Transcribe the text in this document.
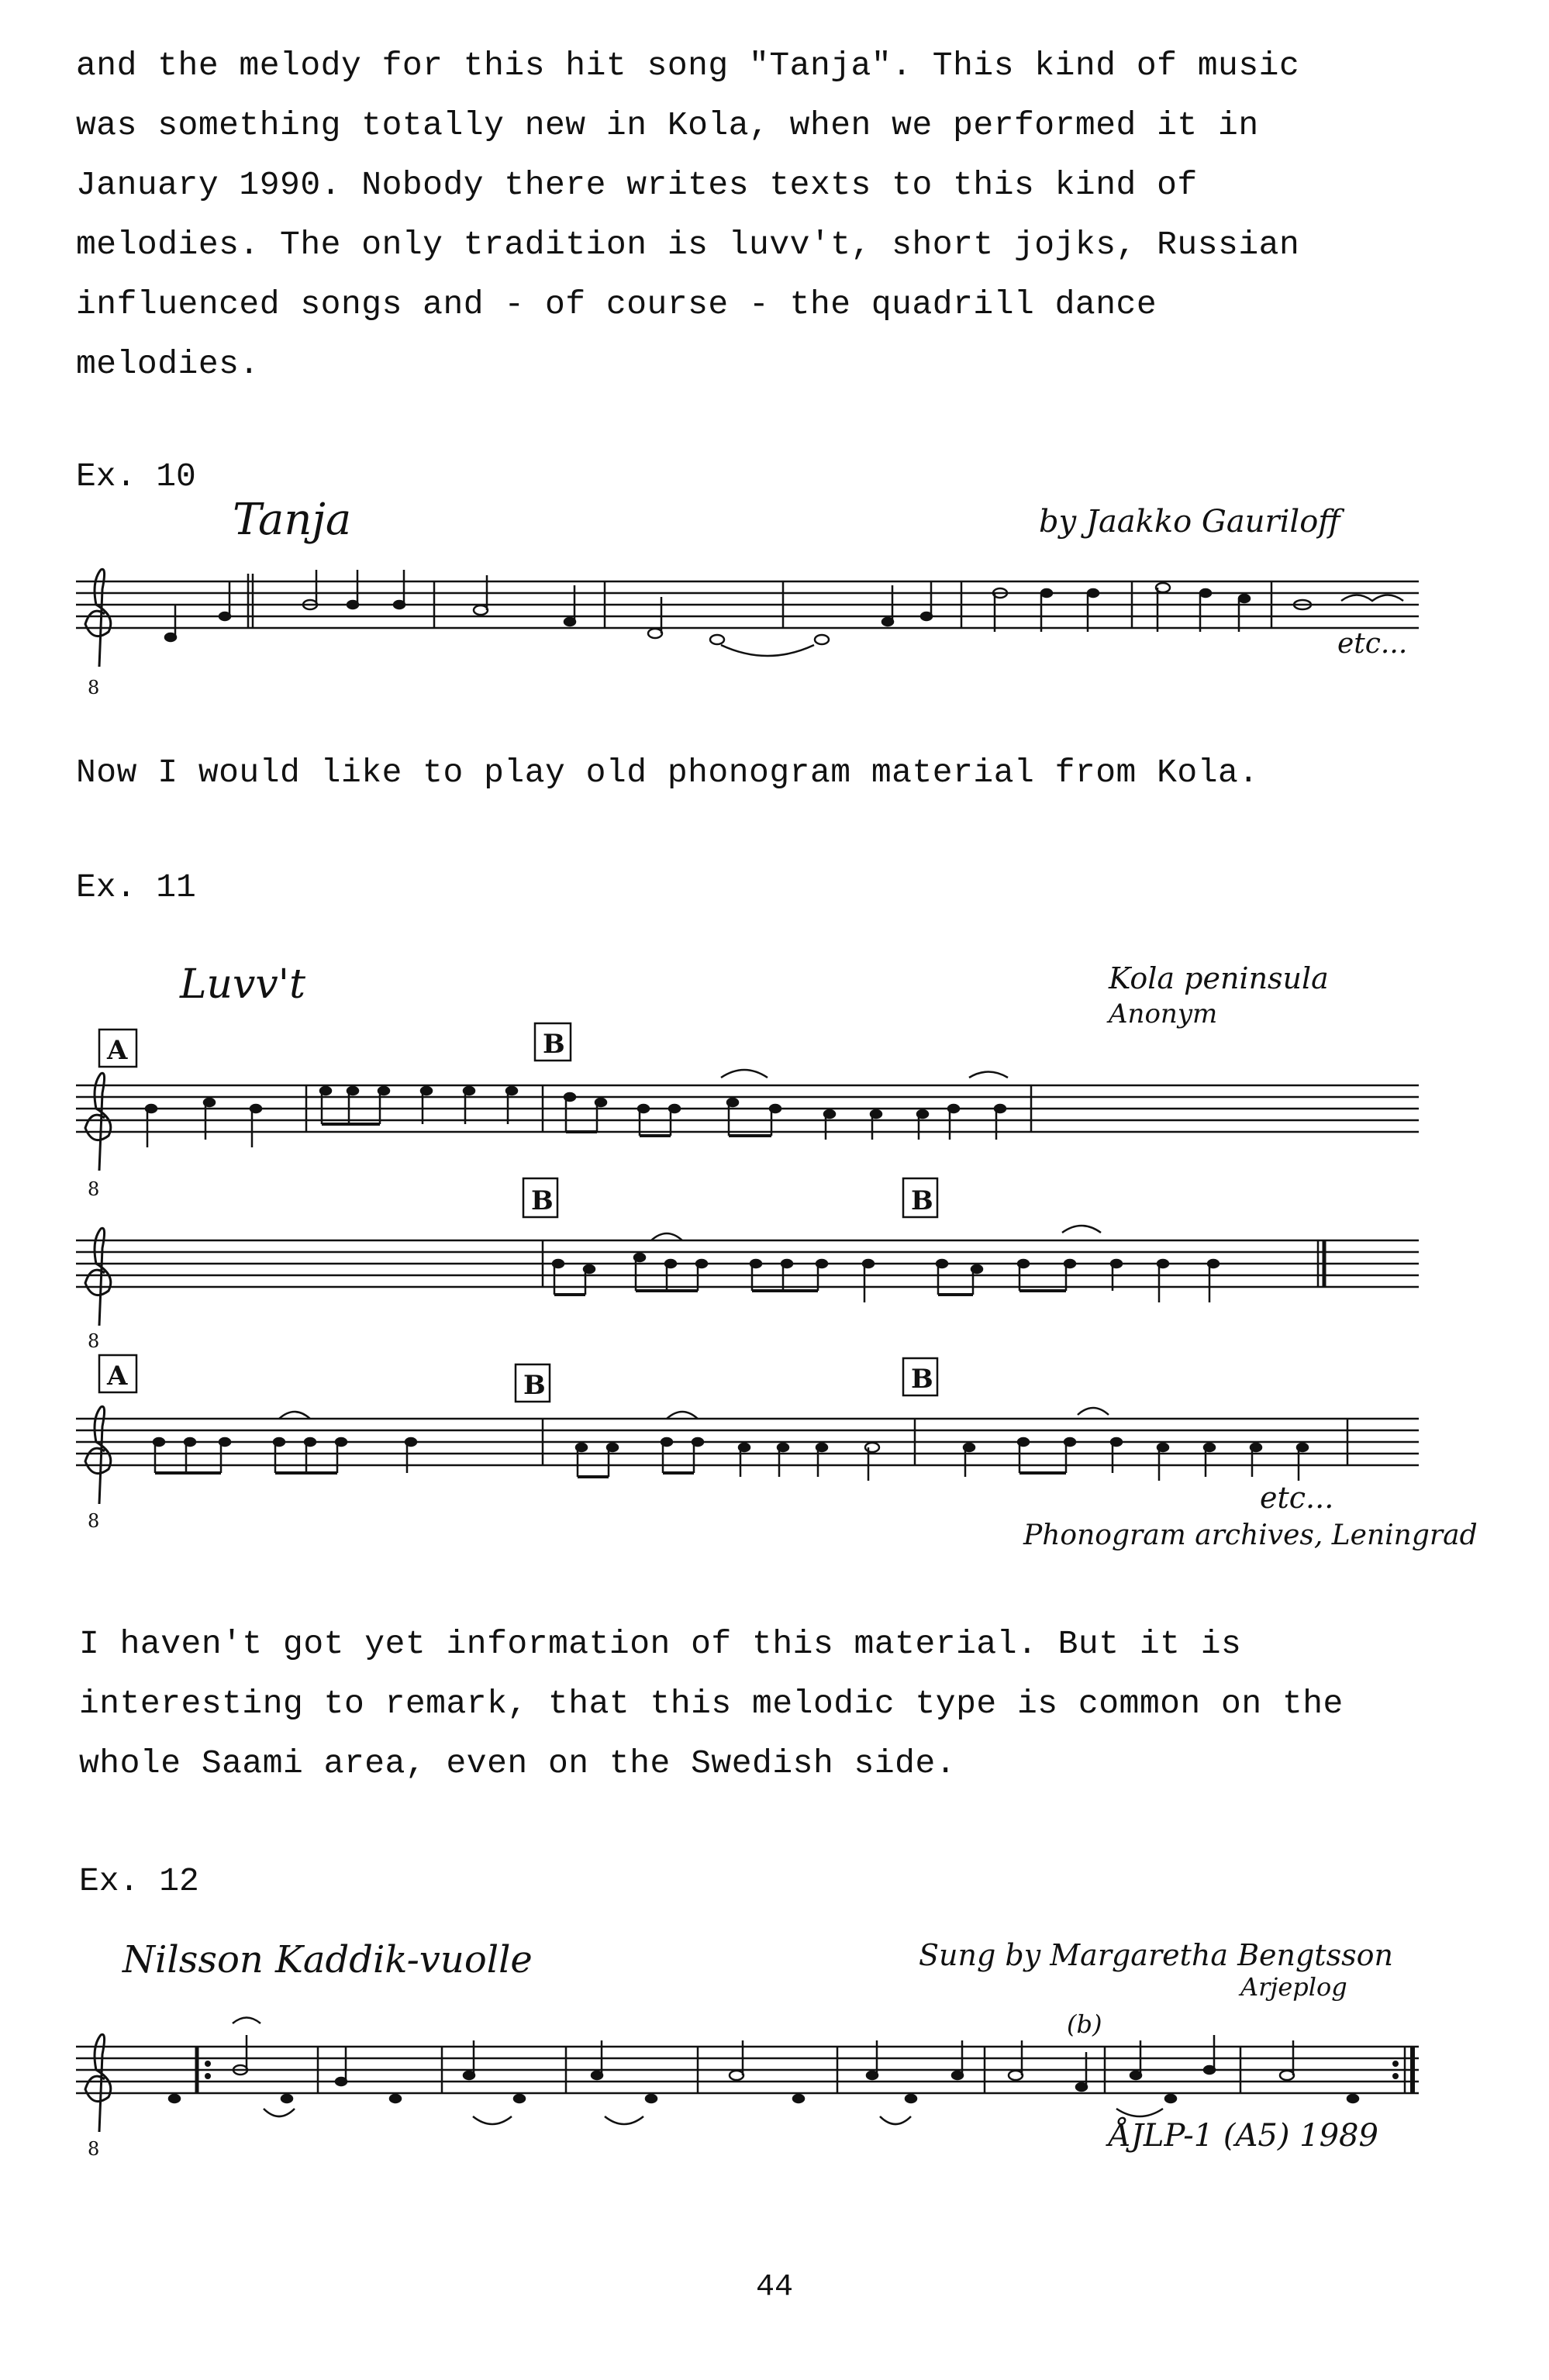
and the melody for this hit song "Tanja". This kind of music
was something totally new in Kola, when we performed it in
January 1990. Nobody there writes texts to this kind of
melodies. The only tradition is luvv't, short jojks, Russian
influenced songs and - of course - the quadrill dance
melodies.
Ex. 10
Tanja	by Jaakko Gauriloff
etc...
8
Now I would like to play old phonogram material from Kola.
Ex. 11
Luvv't	Kola peninsula
Anonym
A	B
B	B
A	B	B
8
8
8
etc...
Phonogram archives, Leningrad
I haven't got yet information of this material. But it is
interesting to remark, that this melodic type is common on the
whole Saami area, even on the Swedish side.
Ex. 12
Nilsson Kaddik-vuolle	Sung by Margaretha Bengtsson
Arjeplog
(b)
8	ÅJLP-1 (A5) 1989
44
